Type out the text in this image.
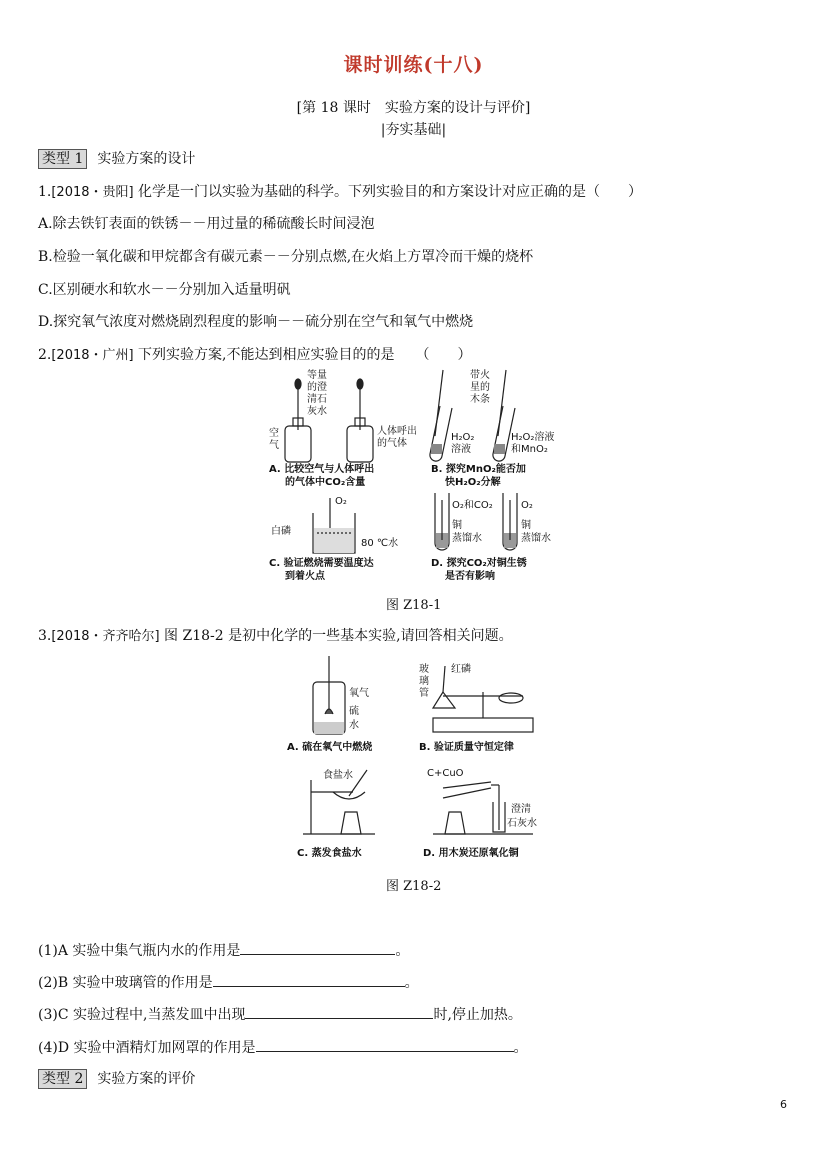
课时训练(十八)
[第 18 课时　实验方案的设计与评价]
|夯实基础|
类型 1 实验方案的设计
1.[2018・贵阳] 化学是一门以实验为基础的科学。下列实验目的和方案设计对应正确的是（　　）
A.除去铁钉表面的铁锈－－用过量的稀硫酸长时间浸泡
B.检验一氧化碳和甲烷都含有碳元素－－分别点燃,在火焰上方罩冷而干燥的烧杯
C.区别硬水和软水－－分别加入适量明矾
D.探究氧气浓度对燃烧剧烈程度的影响－－硫分别在空气和氧气中燃烧
2.[2018・广州] 下列实验方案,不能达到相应实验目的的是　　（　　）
等量
的澄
清石
灰水
空
气
人体呼出
的气体
A. 比较空气与人体呼出
的气体中CO₂含量
带火
星的
木条
H₂O₂
溶液
H₂O₂溶液
和MnO₂
B. 探究MnO₂能否加
快H₂O₂分解
O₂
白磷
80 ℃水
C. 验证燃烧需要温度达
到着火点
O₂和CO₂	O₂
铜
蒸馏水
铜
蒸馏水
D. 探究CO₂对铜生锈
是否有影响
图 Z18-1
3.[2018・齐齐哈尔] 图 Z18-2 是初中化学的一些基本实验,请回答相关问题。
氧气
硫
水
A. 硫在氧气中燃烧
玻
璃
管
红磷
B. 验证质量守恒定律
食盐水
C. 蒸发食盐水
C+CuO
澄清
石灰水
D. 用木炭还原氧化铜
图 Z18-2
(1)A 实验中集气瓶内水的作用是	。
(2)B 实验中玻璃管的作用是	。
(3)C 实验过程中,当蒸发皿中出现	时,停止加热。
(4)D 实验中酒精灯加网罩的作用是	。
类型 2 实验方案的评价
6
